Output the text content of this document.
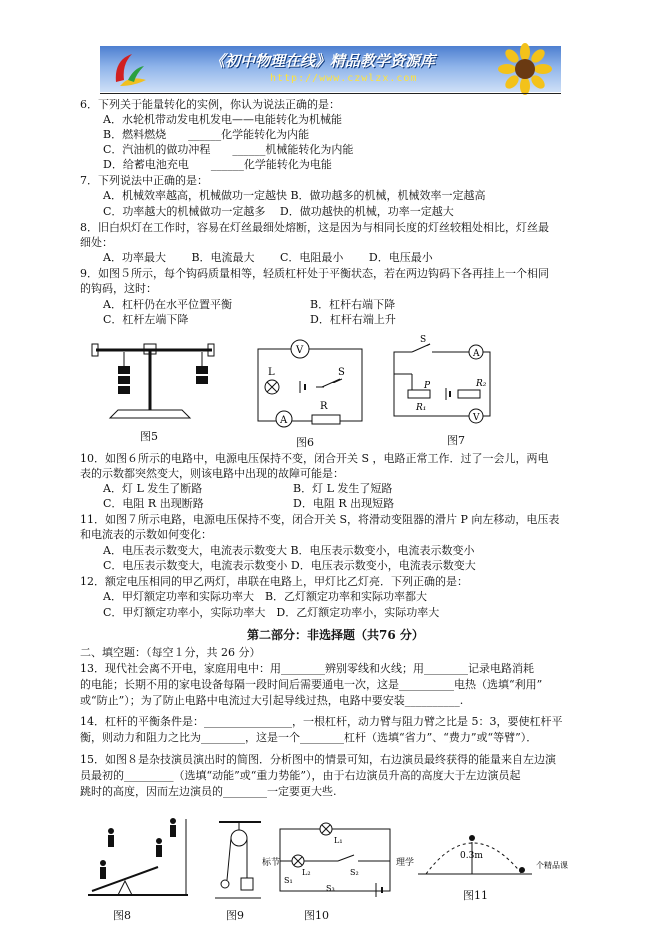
《初中物理在线》精品教学资源库
http://www.czwlzx.com
6．下列关于能量转化的实例，你认为说法正确的是：
A．水轮机带动发电机发电——电能转化为机械能
B．燃料燃烧　　______化学能转化为内能
C．汽油机的做功冲程　　______机械能转化为内能
D．给蓄电池充电　　______化学能转化为电能
7．下列说法中正确的是：
A．机械效率越高，机械做功一定越快 B．做功越多的机械，机械效率一定越高
C．功率越大的机械做功一定越多　 D．做功越快的机械，功率一定越大
8．旧白炽灯在工作时，容易在灯丝最细处熔断，这是因为与相同长度的灯丝较粗处相比，灯丝最
细处：
A．功率最大　　 B．电流最大　　 C．电阻最小　　 D．电压最小
9．如图５所示，每个钩码质量相等，轻质杠杆处于平衡状态，若在两边钩码下各再挂上一个相同
的钩码，这时：
A．杠杆仍在水平位置平衡	B．杠杆右端下降
C．杠杆左端下降	D．杠杆右端上升
10．如图６所示的电路中，电源电压保持不变，闭合开关 S ，电路正常工作．过了一会儿，两电
表的示数都突然变大，则该电路中出现的故障可能是：
A．灯 L 发生了断路	B．灯 L 发生了短路
C．电阻 R 出现断路	D．电阻 R 出现短路
11．如图７所示电路，电源电压保持不变，闭合开关 S，将滑动变阻器的滑片 P 向左移动，电压表
和电流表的示数如何变化：
A．电压表示数变大，电流表示数变大 B．电压表示数变小，电流表示数变小
C．电压表示数变大，电流表示数变小 D．电压表示数变小，电流表示数变大
12．额定电压相同的甲乙两灯，串联在电路上，甲灯比乙灯亮．下列正确的是：
A．甲灯额定功率和实际功率大　B．乙灯额定功率和实际功率都大
C．甲灯额定功率小，实际功率大　D．乙灯额定功率小，实际功率大
二、填空题：（每空１分，共 26 分）
13．现代社会离不开电，家庭用电中：用________辨别零线和火线；用________记录电路消耗
的电能；长期不用的家电设备每隔一段时间后需要通电一次，这是__________电热（选填“利用”
或“防止”）；为了防止电路中电流过大引起导线过热，电路中要安装__________.
14．杠杆的平衡条件是：________________，一根杠杆，动力臂与阻力臂之比是 5：3，要使杠杆平
衡，则动力和阻力之比为________，这是一个________杠杆（选填“省力”、“费力”或“等臂”）．
15．如图８是杂技演员演出时的简图．分析图中的情景可知，右边演员最终获得的能量来自左边演
员最初的_________（选填“动能”或“重力势能”），由于右边演员升高的高度大于左边演员起
跳时的高度，因而左边演员的________一定要更大些.
第二部分：非选择题（共76 分）
图5
V
L	S
A
R
图6
S
A
P
R₁
R₂
V
图7
图8	图9
标节
L₁
L₂	S₂
S₁
S₃
理学
图10
0.3m
个精品课
图11
